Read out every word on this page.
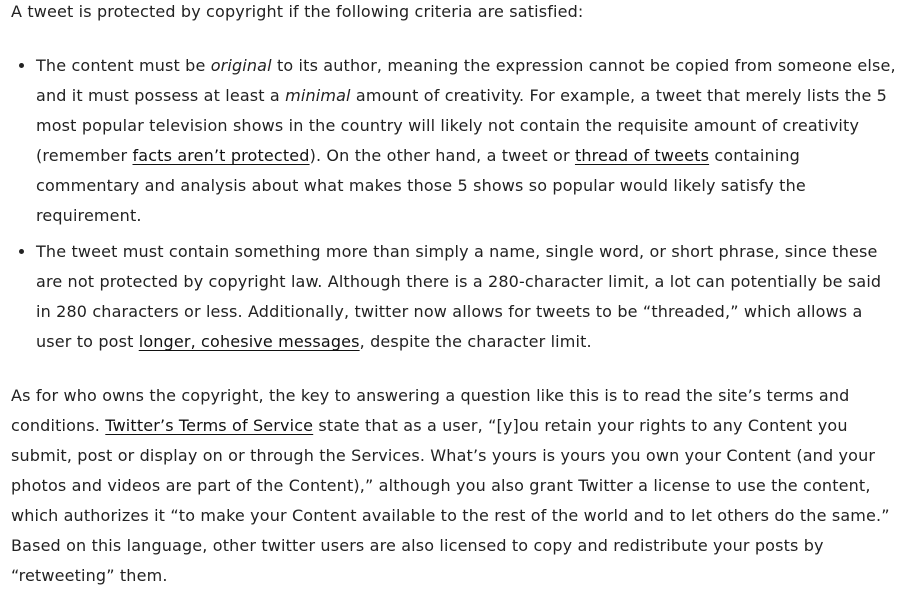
A tweet is protected by copyright if the following criteria are satisfied:

• The content must be original to its author, meaning the expression cannot be copied from someone else, and it must possess at least a minimal amount of creativity. For example, a tweet that merely lists the 5 most popular television shows in the country will likely not contain the requisite amount of creativity (remember facts aren’t protected). On the other hand, a tweet or thread of tweets containing commentary and analysis about what makes those 5 shows so popular would likely satisfy the requirement.
• The tweet must contain something more than simply a name, single word, or short phrase, since these are not protected by copyright law. Although there is a 280-character limit, a lot can potentially be said in 280 characters or less. Additionally, twitter now allows for tweets to be “threaded,” which allows a user to post longer, cohesive messages, despite the character limit.

As for who owns the copyright, the key to answering a question like this is to read the site’s terms and conditions. Twitter’s Terms of Service state that as a user, “[y]ou retain your rights to any Content you submit, post or display on or through the Services. What’s yours is yours you own your Content (and your photos and videos are part of the Content),” although you also grant Twitter a license to use the content, which authorizes it “to make your Content available to the rest of the world and to let others do the same.” Based on this language, other twitter users are also licensed to copy and redistribute your posts by “retweeting” them.
